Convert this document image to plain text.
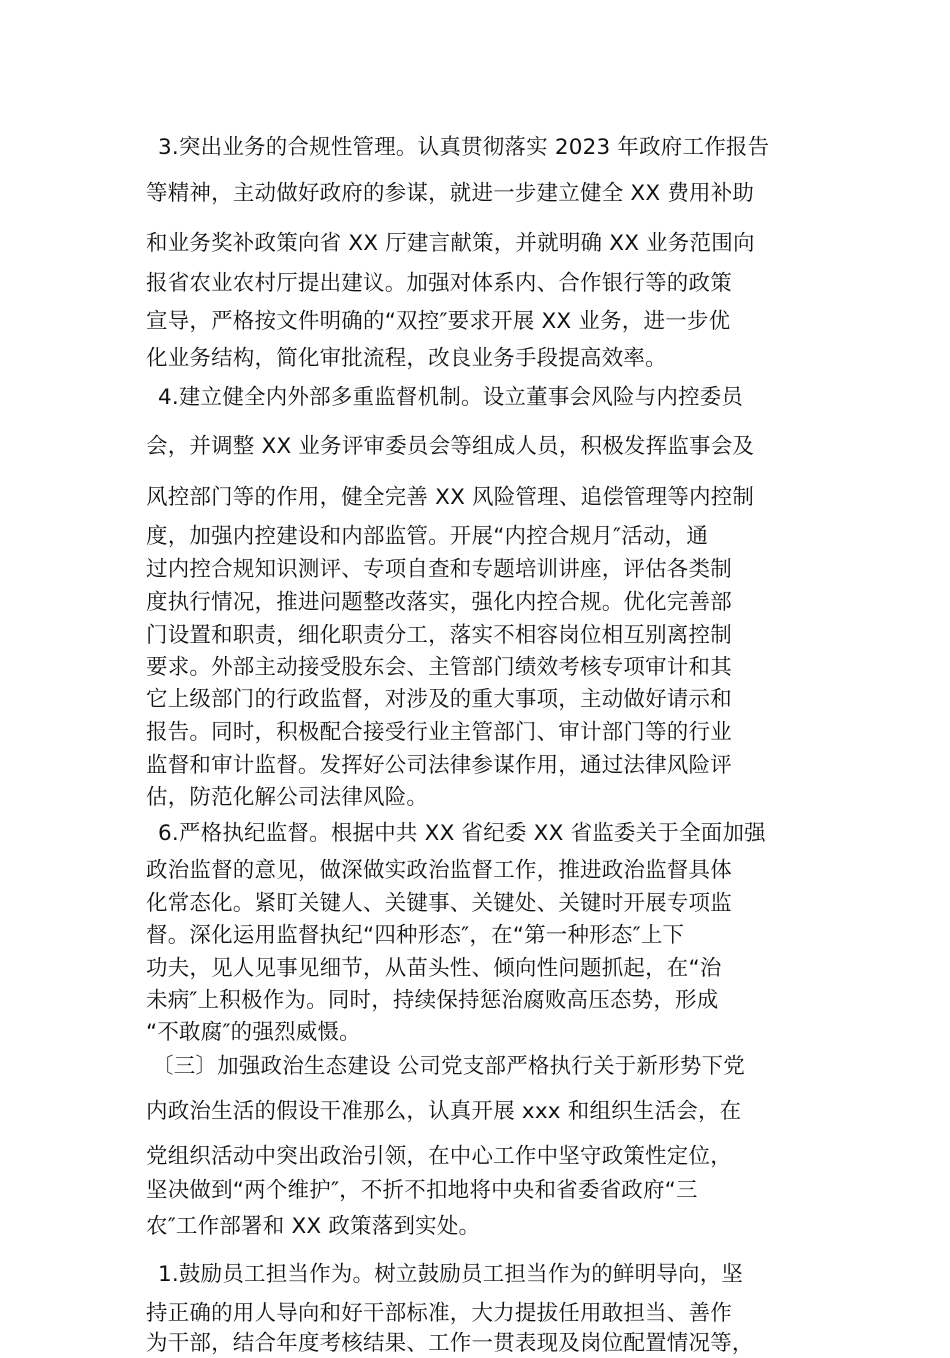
3.突出业务的合规性管理。认真贯彻落实 2023 年政府工作报告
等精神，主动做好政府的参谋，就进一步建立健全 XX 费用补助
和业务奖补政策向省 XX 厅建言献策，并就明确 XX 业务范围向
报省农业农村厅提出建议。加强对体系内、合作银行等的政策
宣导，严格按文件明确的“双控″要求开展 XX 业务，进一步优
化业务结构，简化审批流程，改良业务手段提高效率。
4.建立健全内外部多重监督机制。设立董事会风险与内控委员
会，并调整 XX 业务评审委员会等组成人员，积极发挥监事会及
风控部门等的作用，健全完善 XX 风险管理、追偿管理等内控制
度，加强内控建设和内部监管。开展“内控合规月″活动，通
过内控合规知识测评、专项自查和专题培训讲座，评估各类制
度执行情况，推进问题整改落实，强化内控合规。优化完善部
门设置和职责，细化职责分工，落实不相容岗位相互别离控制
要求。外部主动接受股东会、主管部门绩效考核专项审计和其
它上级部门的行政监督，对涉及的重大事项，主动做好请示和
报告。同时，积极配合接受行业主管部门、审计部门等的行业
监督和审计监督。发挥好公司法律参谋作用，通过法律风险评
估，防范化解公司法律风险。
6.严格执纪监督。根据中共 XX 省纪委 XX 省监委关于全面加强
政治监督的意见，做深做实政治监督工作，推进政治监督具体
化常态化。紧盯关键人、关键事、关键处、关键时开展专项监
督。深化运用监督执纪“四种形态″，在“第一种形态″上下
功夫，见人见事见细节，从苗头性、倾向性问题抓起，在“治
未病″上积极作为。同时，持续保持惩治腐败高压态势，形成
“不敢腐″的强烈威慑。
〔三〕加强政治生态建设 公司党支部严格执行关于新形势下党
内政治生活的假设干准那么，认真开展 xxx 和组织生活会，在
党组织活动中突出政治引领，在中心工作中坚守政策性定位，
坚决做到“两个维护″，不折不扣地将中央和省委省政府“三
农″工作部署和 XX 政策落到实处。
1.鼓励员工担当作为。树立鼓励员工担当作为的鲜明导向，坚
持正确的用人导向和好干部标准，大力提拔任用敢担当、善作
为干部，结合年度考核结果、工作一贯表现及岗位配置情况等，
